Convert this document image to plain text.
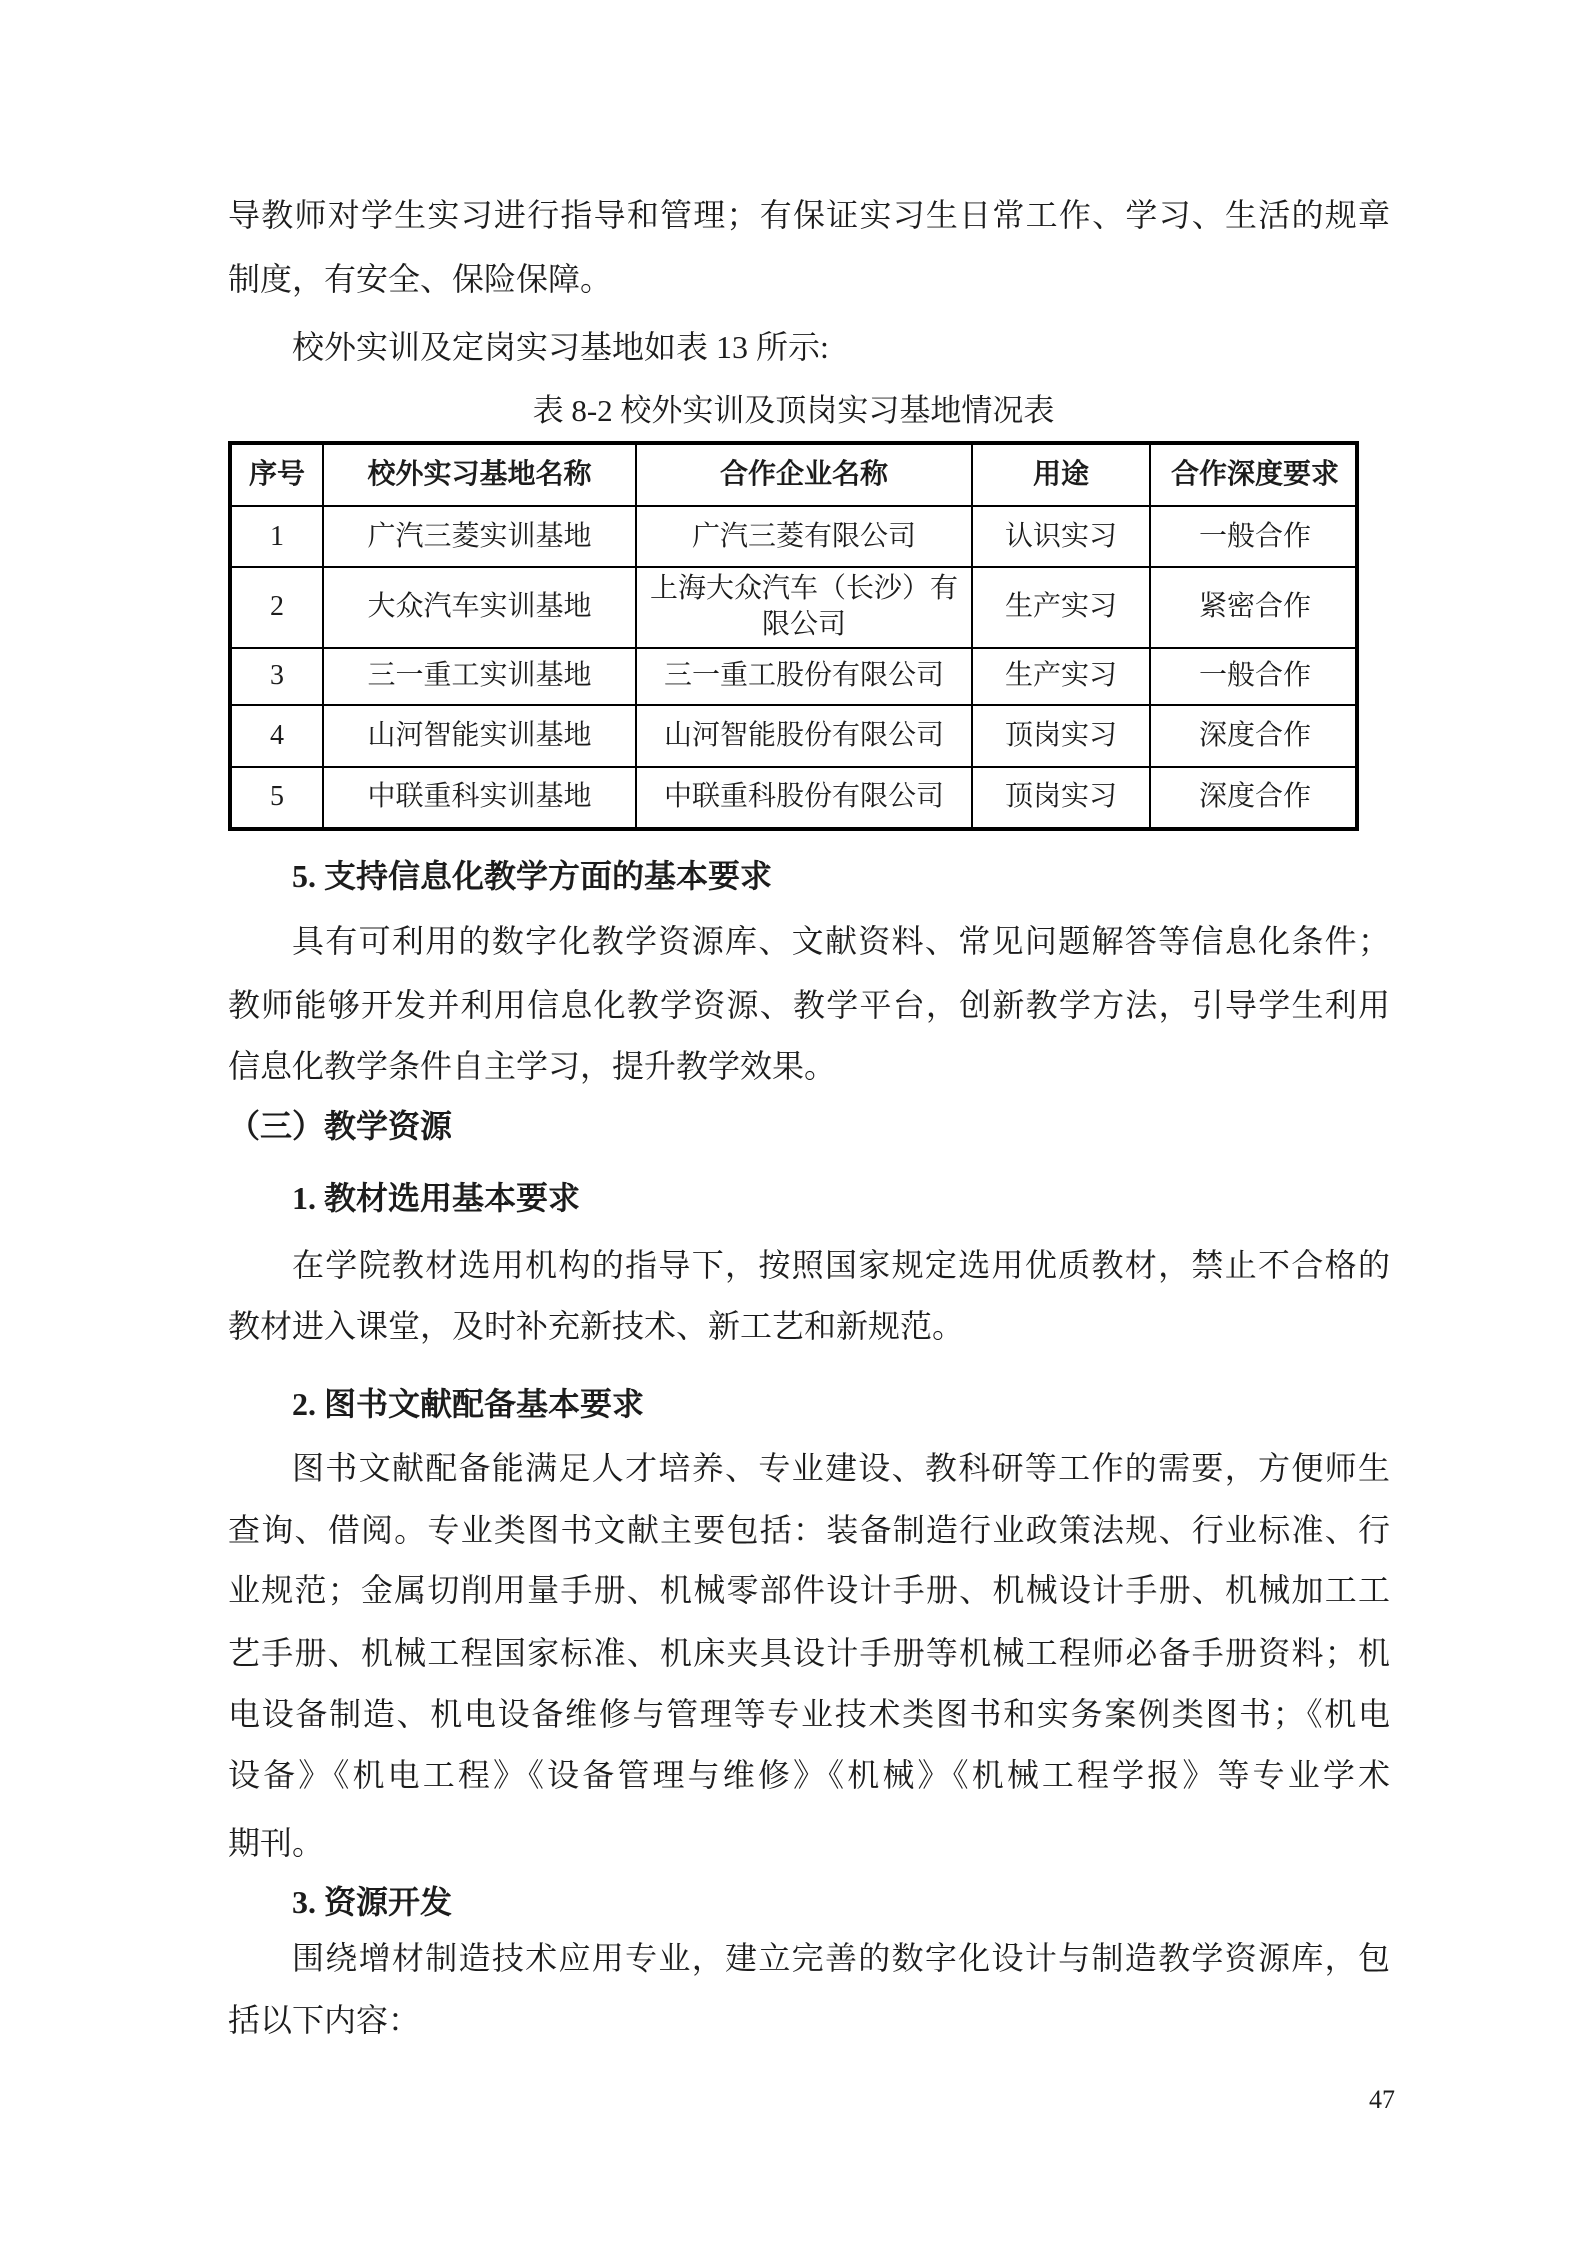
导教师对学生实习进行指导和管理；有保证实习生日常工作、学习、生活的规章
制度，有安全、保险保障。
校外实训及定岗实习基地如表 13 所示:
表 8-2 校外实训及顶岗实习基地情况表
序号	校外实习基地名称	合作企业名称	用途	合作深度要求
1	广汽三菱实训基地	广汽三菱有限公司	认识实习	一般合作
2	大众汽车实训基地	上海大众汽车（长沙）有限公司	生产实习	紧密合作
3	三一重工实训基地	三一重工股份有限公司	生产实习	一般合作
4	山河智能实训基地	山河智能股份有限公司	顶岗实习	深度合作
5	中联重科实训基地	中联重科股份有限公司	顶岗实习	深度合作
5. 支持信息化教学方面的基本要求
具有可利用的数字化教学资源库、文献资料、常见问题解答等信息化条件；
教师能够开发并利用信息化教学资源、教学平台，创新教学方法，引导学生利用
信息化教学条件自主学习，提升教学效果。
（三）教学资源
1. 教材选用基本要求
在学院教材选用机构的指导下，按照国家规定选用优质教材，禁止不合格的
教材进入课堂，及时补充新技术、新工艺和新规范。
2. 图书文献配备基本要求
图书文献配备能满足人才培养、专业建设、教科研等工作的需要，方便师生
查询、借阅。专业类图书文献主要包括：装备制造行业政策法规、行业标准、行
业规范；金属切削用量手册、机械零部件设计手册、机械设计手册、机械加工工
艺手册、机械工程国家标准、机床夹具设计手册等机械工程师必备手册资料；机
电设备制造、机电设备维修与管理等专业技术类图书和实务案例类图书；《机电
设备》《机电工程》《设备管理与维修》《机械》《机械工程学报》等专业学术
期刊。
3. 资源开发
围绕增材制造技术应用专业，建立完善的数字化设计与制造教学资源库，包
括以下内容：
47
